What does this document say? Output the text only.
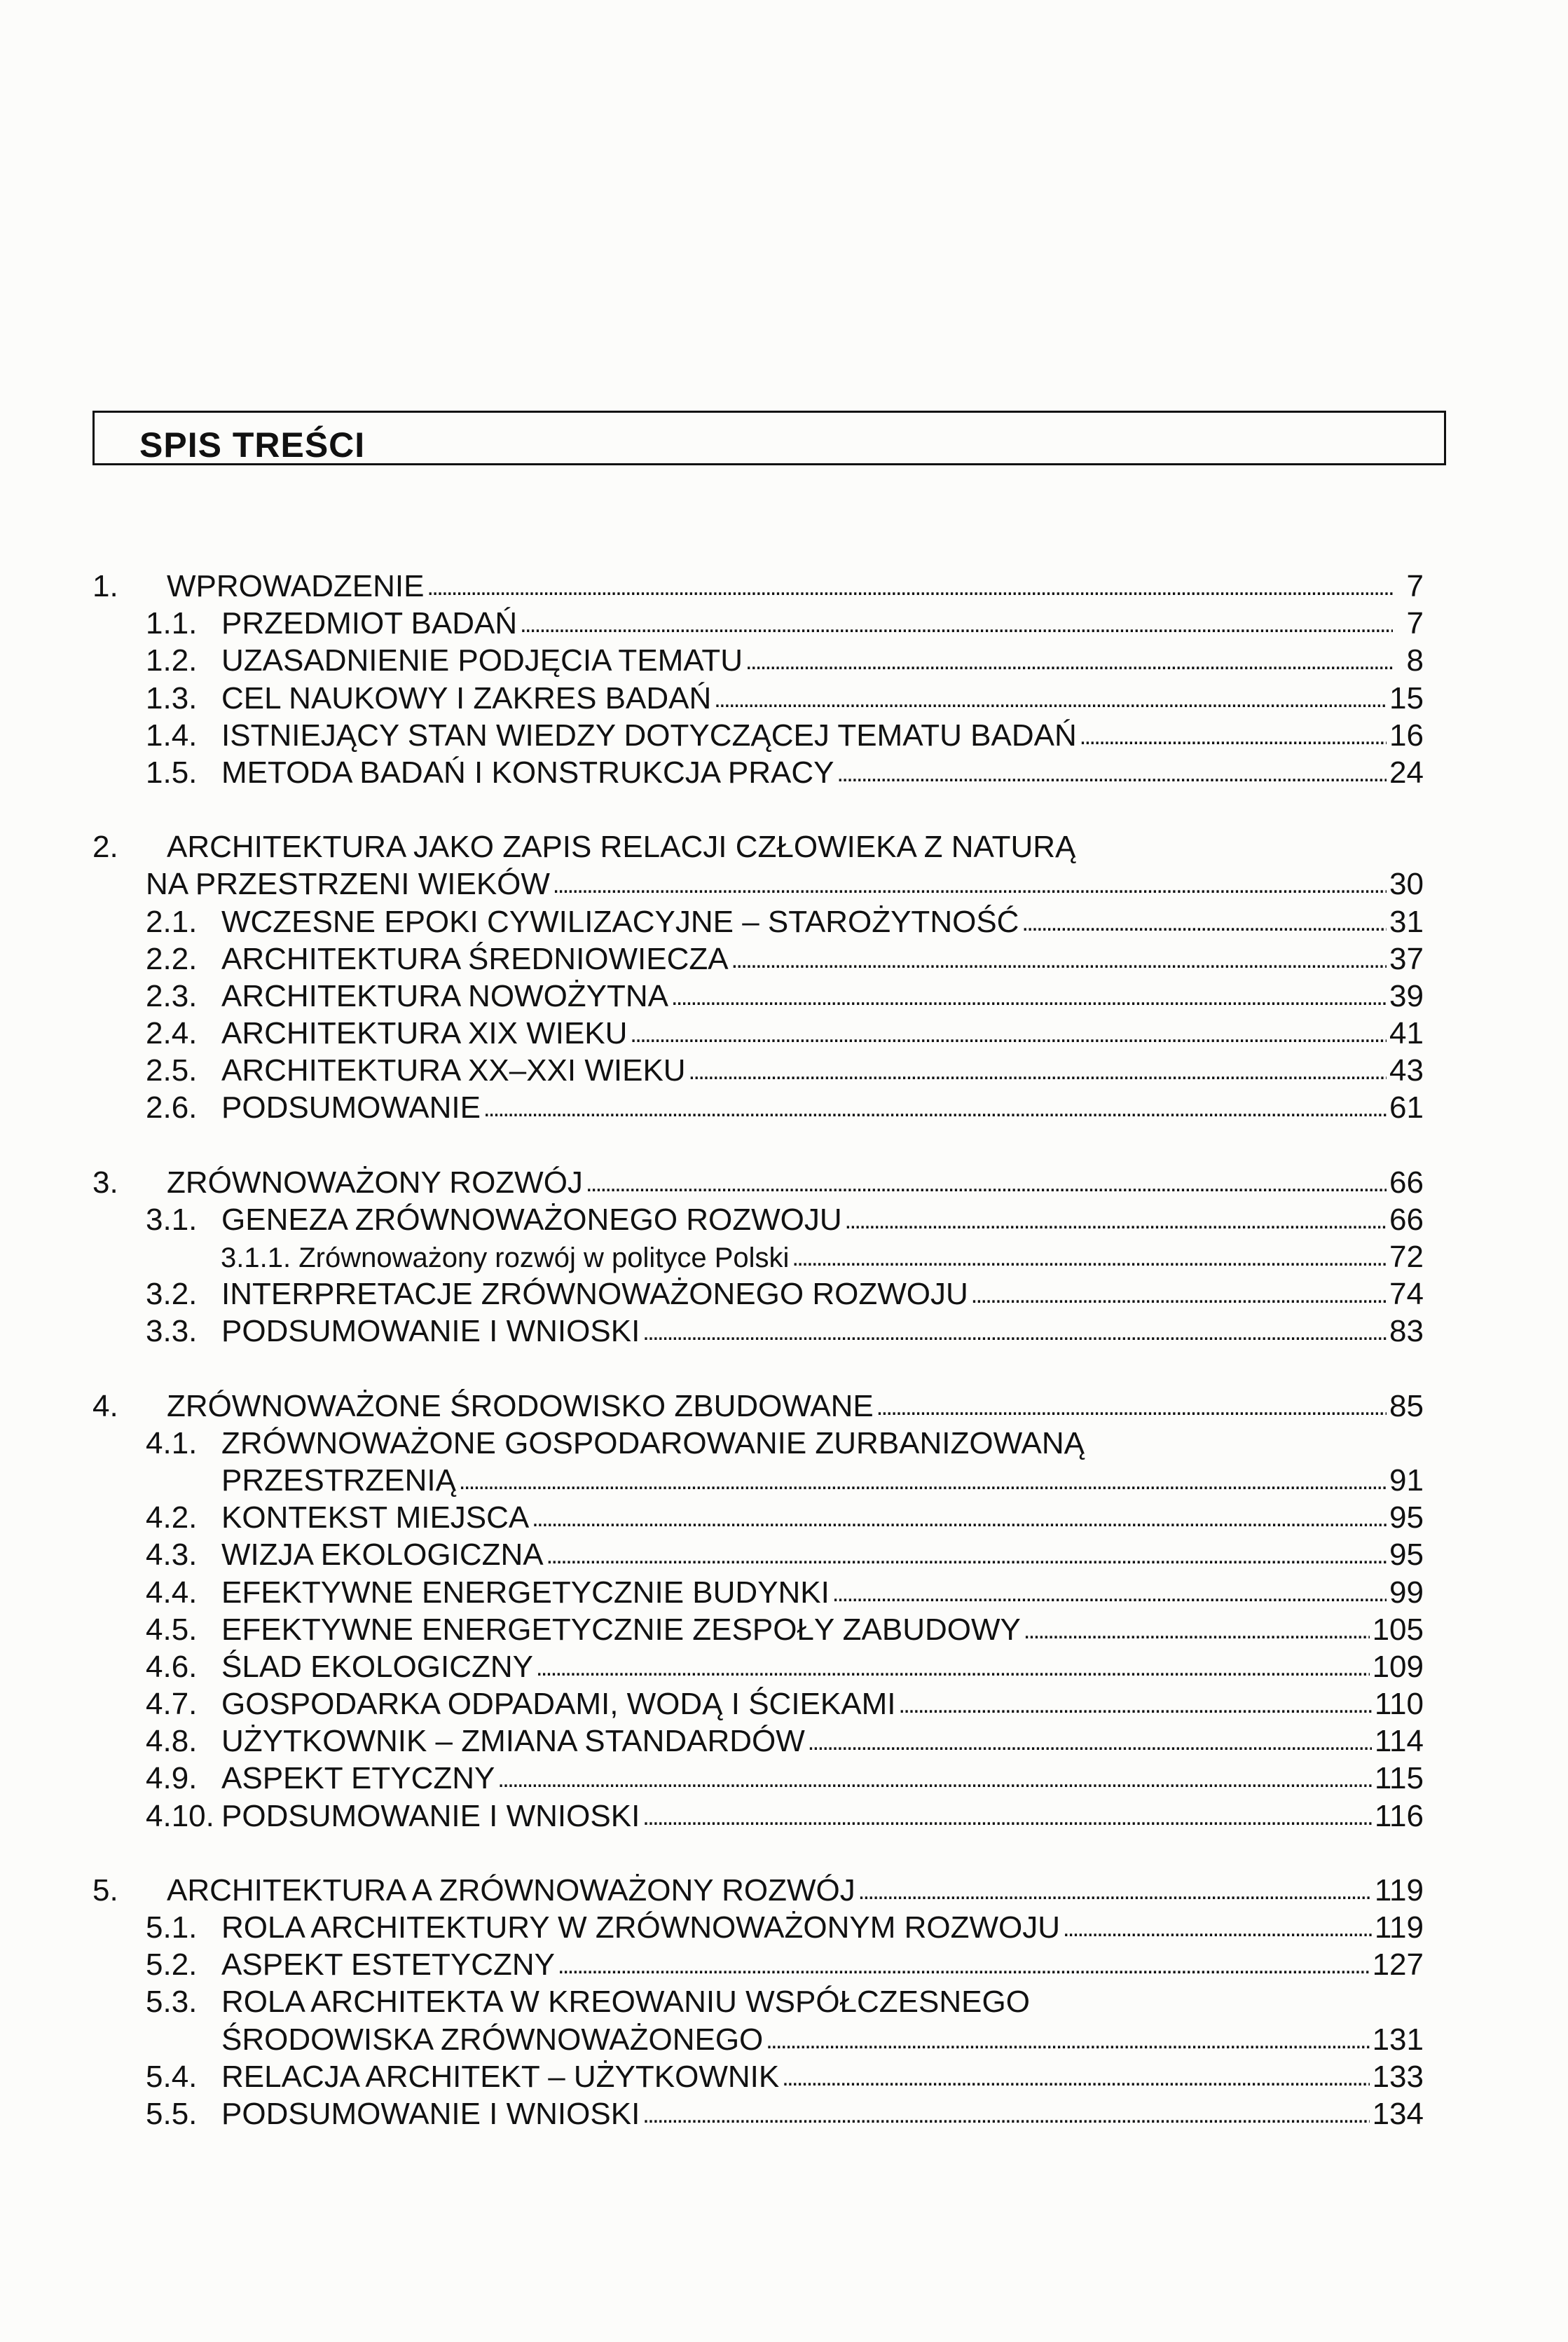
SPIS TREŚCI
1.	WPROWADZENIE . . .	7
1.1. PRZEDMIOT BADAŃ . . .	7
1.2. UZASADNIENIE PODJĘCIA TEMATU . . .	8
1.3. CEL NAUKOWY I ZAKRES BADAŃ . . .	15
1.4. ISTNIEJĄCY STAN WIEDZY DOTYCZĄCEJ TEMATU BADAŃ . . .	16
1.5. METODA BADAŃ I KONSTRUKCJA PRACY . . .	24
2.	ARCHITEKTURA JAKO ZAPIS RELACJI CZŁOWIEKA Z NATURĄ
NA PRZESTRZENI WIEKÓW . . .	30
2.1. WCZESNE EPOKI CYWILIZACYJNE – STAROŻYTNOŚĆ . . .	31
2.2. ARCHITEKTURA ŚREDNIOWIECZA . . .	37
2.3. ARCHITEKTURA NOWOŻYTNA . . .	39
2.4. ARCHITEKTURA XIX WIEKU . . .	41
2.5. ARCHITEKTURA XX–XXI WIEKU . . .	43
2.6. PODSUMOWANIE . . .	61
3.	ZRÓWNOWAŻONY ROZWÓJ . . .	66
3.1. GENEZA ZRÓWNOWAŻONEGO ROZWOJU . . .	66
3.1.1. Zrównoważony rozwój w polityce Polski . . .	72
3.2. INTERPRETACJE ZRÓWNOWAŻONEGO ROZWOJU . . .	74
3.3. PODSUMOWANIE I WNIOSKI . . .	83
4.	ZRÓWNOWAŻONE ŚRODOWISKO ZBUDOWANE . . .	85
4.1. ZRÓWNOWAŻONE GOSPODAROWANIE ZURBANIZOWANĄ
PRZESTRZENIĄ . . .	91
4.2. KONTEKST MIEJSCA . . .	95
4.3. WIZJA EKOLOGICZNA . . .	95
4.4. EFEKTYWNE ENERGETYCZNIE BUDYNKI . . .	99
4.5. EFEKTYWNE ENERGETYCZNIE ZESPOŁY ZABUDOWY . . .	105
4.6. ŚLAD EKOLOGICZNY . . .	109
4.7. GOSPODARKA ODPADAMI, WODĄ I ŚCIEKAMI . . .	110
4.8. UŻYTKOWNIK – ZMIANA STANDARDÓW . . .	114
4.9. ASPEKT ETYCZNY . . .	115
4.10. PODSUMOWANIE I WNIOSKI . . .	116
5.	ARCHITEKTURA A ZRÓWNOWAŻONY ROZWÓJ . . .	119
5.1. ROLA ARCHITEKTURY W ZRÓWNOWAŻONYM ROZWOJU . . .	119
5.2. ASPEKT ESTETYCZNY . . .	127
5.3. ROLA ARCHITEKTA W KREOWANIU WSPÓŁCZESNEGO
ŚRODOWISKA ZRÓWNOWAŻONEGO . . .	131
5.4. RELACJA ARCHITEKT – UŻYTKOWNIK . . .	133
5.5. PODSUMOWANIE I WNIOSKI . . .	134
